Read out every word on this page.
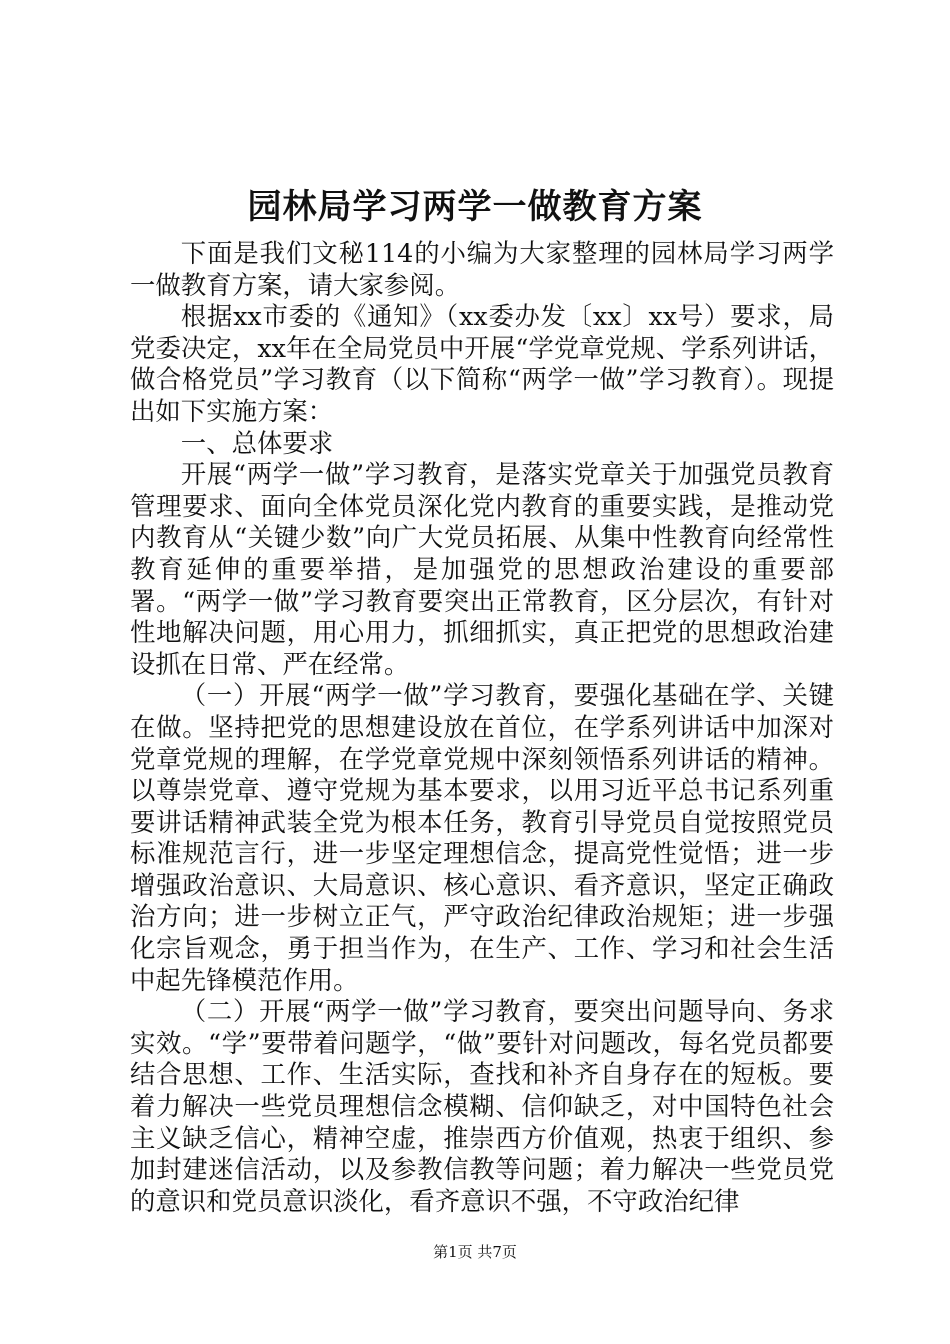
园林局学习两学一做教育方案

下面是我们文秘114的小编为大家整理的园林局学习两学一做教育方案，请大家参阅。

根据xx市委的《通知》（xx委办发〔xx〕xx号）要求，局党委决定，xx年在全局党员中开展“学党章党规、学系列讲话，做合格党员”学习教育（以下简称“两学一做”学习教育）。现提出如下实施方案：

一、总体要求

开展“两学一做”学习教育，是落实党章关于加强党员教育管理要求、面向全体党员深化党内教育的重要实践，是推动党内教育从“关键少数”向广大党员拓展、从集中性教育向经常性教育延伸的重要举措，是加强党的思想政治建设的重要部署。“两学一做”学习教育要突出正常教育，区分层次，有针对性地解决问题，用心用力，抓细抓实，真正把党的思想政治建设抓在日常、严在经常。

（一）开展“两学一做”学习教育，要强化基础在学、关键在做。坚持把党的思想建设放在首位，在学系列讲话中加深对党章党规的理解，在学党章党规中深刻领悟系列讲话的精神。以尊崇党章、遵守党规为基本要求，以用习近平总书记系列重要讲话精神武装全党为根本任务，教育引导党员自觉按照党员标准规范言行，进一步坚定理想信念，提高党性觉悟；进一步增强政治意识、大局意识、核心意识、看齐意识，坚定正确政治方向；进一步树立正气，严守政治纪律政治规矩；进一步强化宗旨观念，勇于担当作为，在生产、工作、学习和社会生活中起先锋模范作用。

（二）开展“两学一做”学习教育，要突出问题导向、务求实效。“学”要带着问题学，“做”要针对问题改，每名党员都要结合思想、工作、生活实际，查找和补齐自身存在的短板。要着力解决一些党员理想信念模糊、信仰缺乏，对中国特色社会主义缺乏信心，精神空虚，推崇西方价值观，热衷于组织、参加封建迷信活动，以及参教信教等问题；着力解决一些党员党的意识和党员意识淡化，看齐意识不强，不守政治纪律

第1页 共7页
